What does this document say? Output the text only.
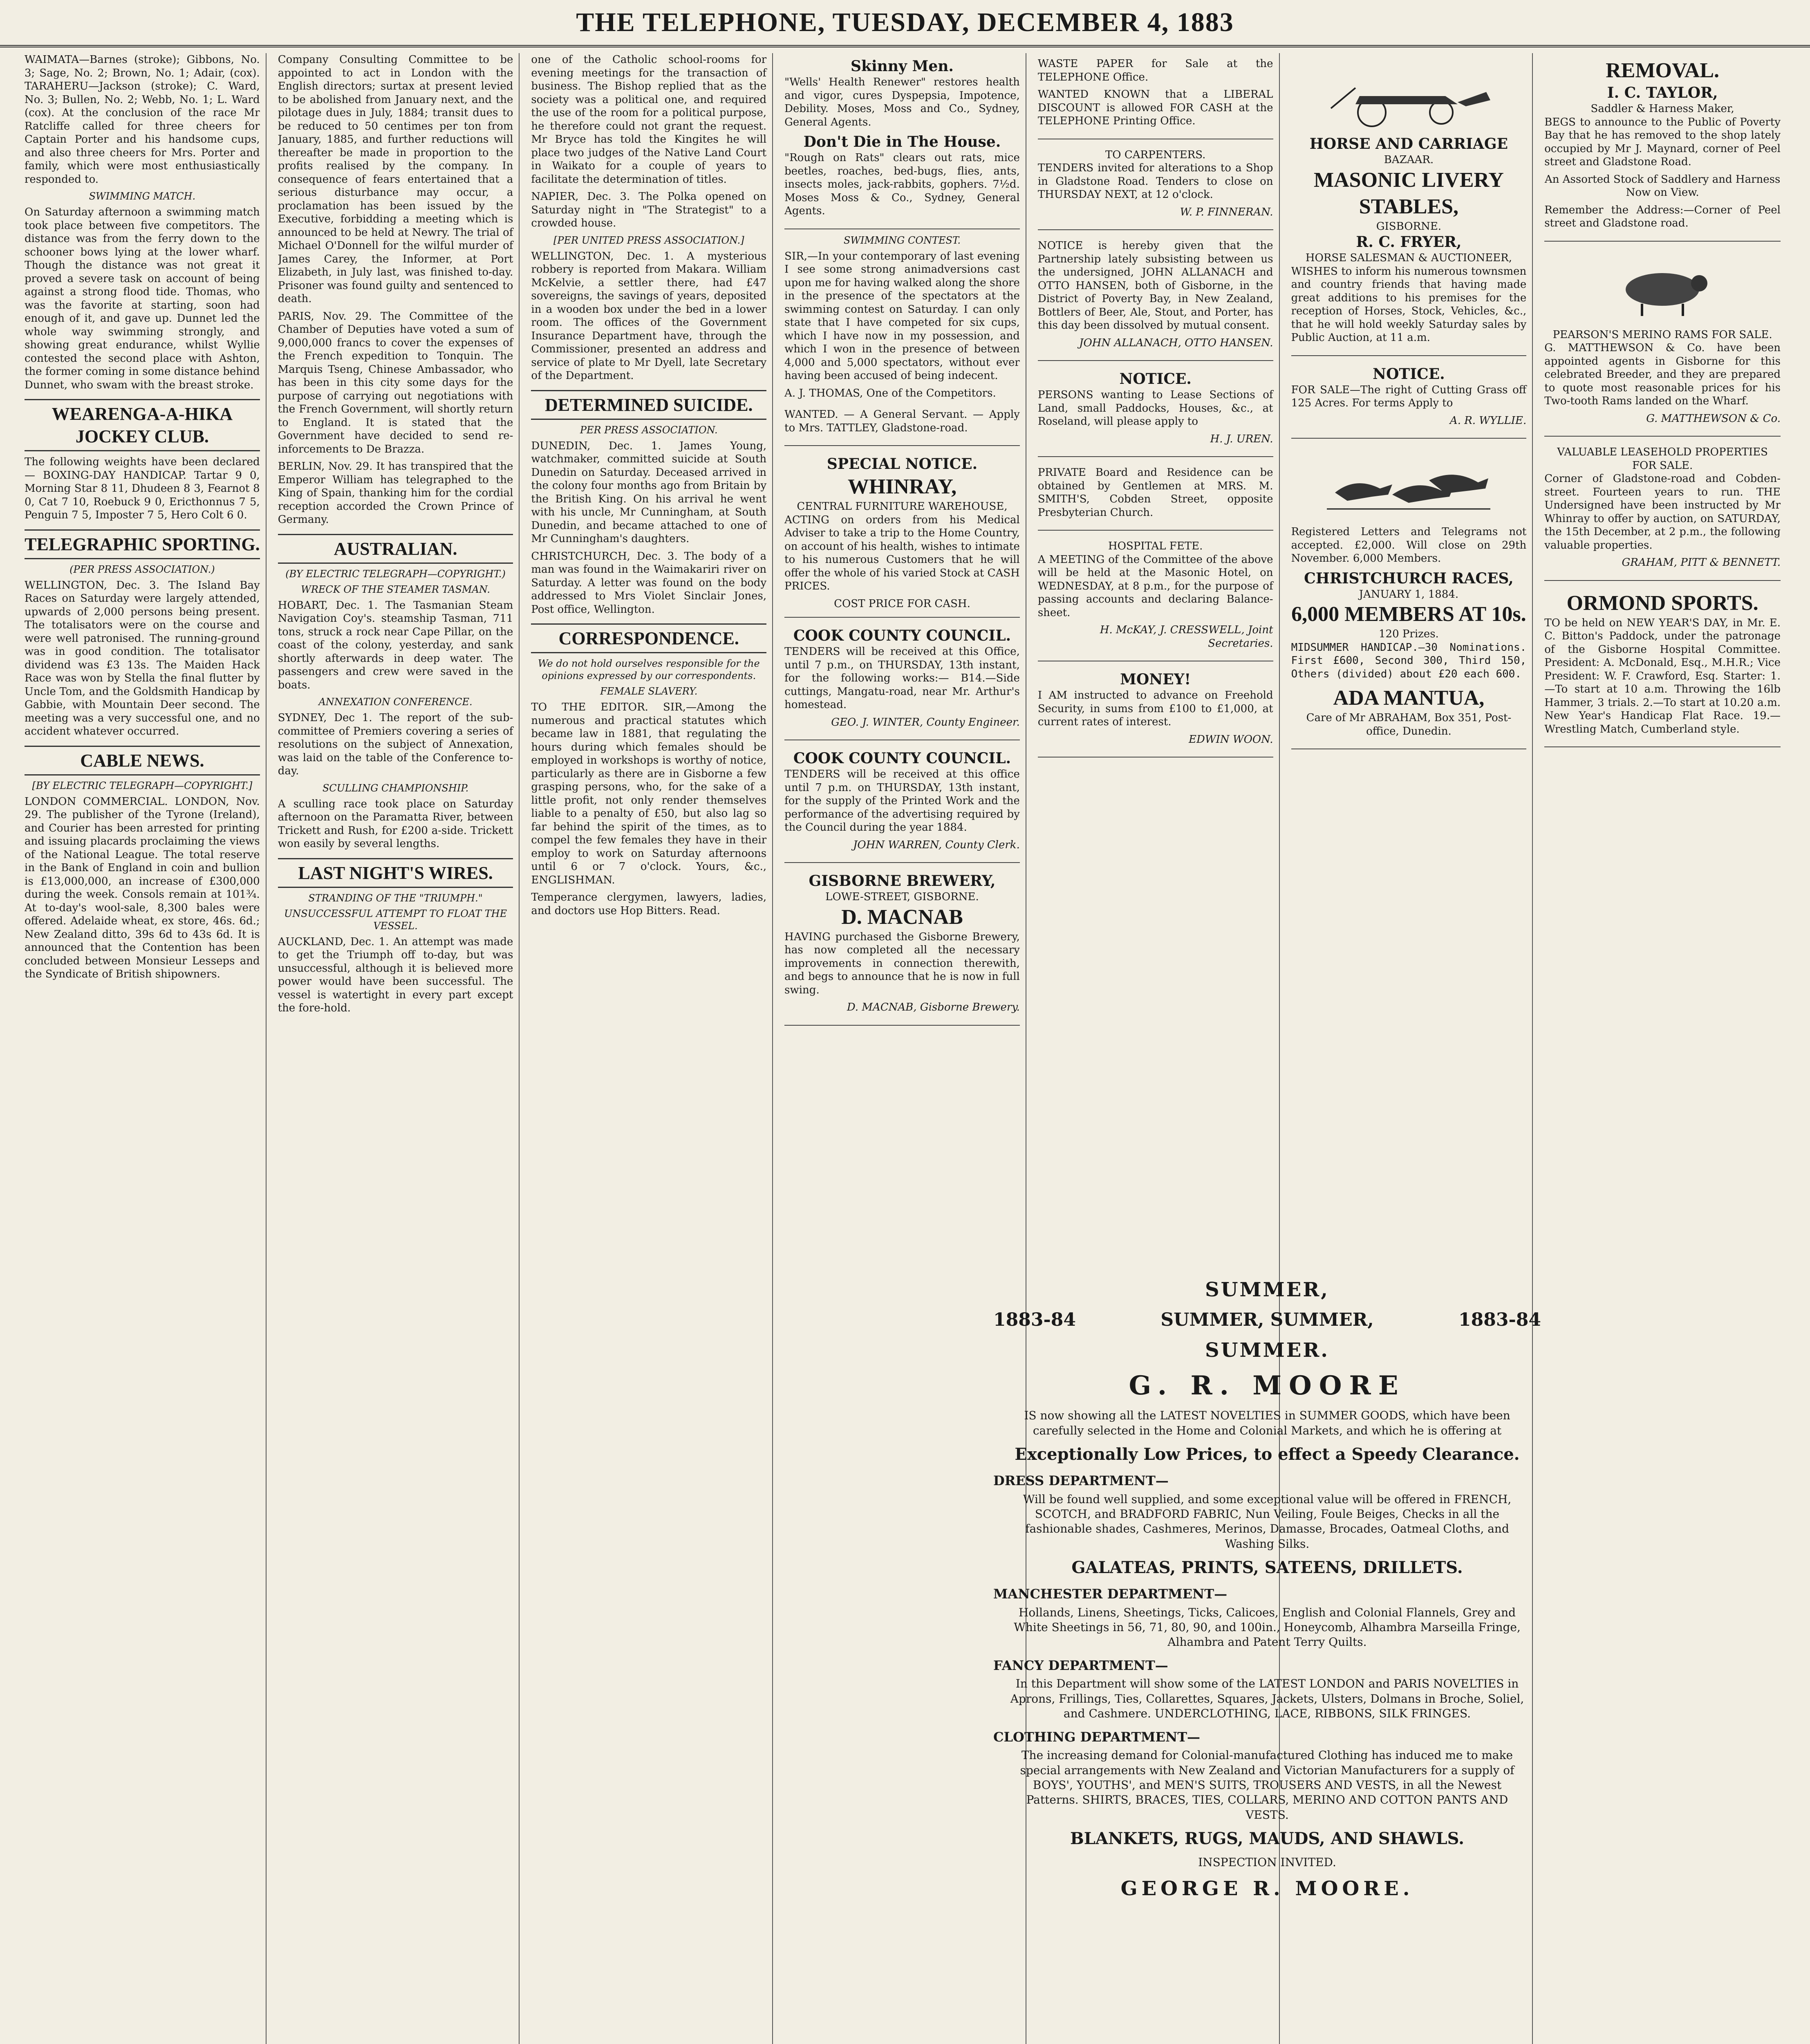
THE TELEPHONE, TUESDAY, DECEMBER 4, 1883

WAIMATA—Barnes (stroke); Gibbons, No. 3; Sage, No. 2; Brown, No. 1; Adair, (cox). TARAHERU—Jackson (stroke); C. Ward, No. 3; Bullen, No. 2; Webb, No. 1; L. Ward (cox). At the conclusion of the race Mr Ratcliffe called for three cheers for Captain Porter and his handsome cups, and also three cheers for Mrs. Porter and family, which were most enthusiastically responded to.

SWIMMING MATCH.

On Saturday afternoon a swimming match took place between five competitors. The distance was from the ferry down to the schooner bows lying at the lower wharf. Though the distance was not great it proved a severe task on account of being against a strong flood tide. Thomas, who was the favorite at starting, soon had enough of it, and gave up. Dunnet led the whole way swimming strongly, and showing great endurance, whilst Wyllie contested the second place with Ashton, the former coming in some distance behind Dunnet, who swam with the breast stroke.

WEARENGA-A-HIKA JOCKEY CLUB.

The following weights have been declared— BOXING-DAY HANDICAP. Tartar 9 0, Morning Star 8 11, Dhudeen 8 3, Fearnot 8 0, Cat 7 10, Roebuck 9 0, Ericthonnus 7 5, Penguin 7 5, Imposter 7 5, Hero Colt 6 0.

TELEGRAPHIC SPORTING.
(PER PRESS ASSOCIATION.)

WELLINGTON, Dec. 3. The Island Bay Races on Saturday were largely attended, upwards of 2,000 persons being present. The totalisators were on the course and were well patronised. The running-ground was in good condition. The totalisator dividend was £3 13s. The Maiden Hack Race was won by Stella the final flutter by Uncle Tom, and the Goldsmith Handicap by Gabbie, with Mountain Deer second. The meeting was a very successful one, and no accident whatever occurred.

CABLE NEWS.
[BY ELECTRIC TELEGRAPH—COPYRIGHT.]

LONDON COMMERCIAL. LONDON, Nov. 29. The publisher of the Tyrone (Ireland), and Courier has been arrested for printing and issuing placards proclaiming the views of the National League. The total reserve in the Bank of England in coin and bullion is £13,000,000, an increase of £300,000 during the week. Consols remain at 101¾. At to-day's wool-sale, 8,300 bales were offered. Adelaide wheat, ex store, 46s. 6d.; New Zealand ditto, 39s 6d to 43s 6d. It is announced that the Contention has been concluded between Monsieur Lesseps and the Syndicate of British shipowners.

Company Consulting Committee to be appointed to act in London with the English directors; surtax at present levied to be abolished from January next, and the pilotage dues in July, 1884; transit dues to be reduced to 50 centimes per ton from January, 1885, and further reductions will thereafter be made in proportion to the profits realised by the company. In consequence of fears entertained that a serious disturbance may occur, a proclamation has been issued by the Executive, forbidding a meeting which is announced to be held at Newry. The trial of Michael O'Donnell for the wilful murder of James Carey, the Informer, at Port Elizabeth, in July last, was finished to-day. Prisoner was found guilty and sentenced to death.

PARIS, Nov. 29. The Committee of the Chamber of Deputies have voted a sum of 9,000,000 francs to cover the expenses of the French expedition to Tonquin. The Marquis Tseng, Chinese Ambassador, who has been in this city some days for the purpose of carrying out negotiations with the French Government, will shortly return to England. It is stated that the Government have decided to send re-inforcements to De Brazza.

BERLIN, Nov. 29. It has transpired that the Emperor William has telegraphed to the King of Spain, thanking him for the cordial reception accorded the Crown Prince of Germany.

AUSTRALIAN.
(BY ELECTRIC TELEGRAPH—COPYRIGHT.)
WRECK OF THE STEAMER TASMAN.

HOBART, Dec. 1. The Tasmanian Steam Navigation Coy's. steamship Tasman, 711 tons, struck a rock near Cape Pillar, on the coast of the colony, yesterday, and sank shortly afterwards in deep water. The passengers and crew were saved in the boats.

ANNEXATION CONFERENCE.

SYDNEY, Dec 1. The report of the sub-committee of Premiers covering a series of resolutions on the subject of Annexation, was laid on the table of the Conference to-day.

SCULLING CHAMPIONSHIP.

A sculling race took place on Saturday afternoon on the Paramatta River, between Trickett and Rush, for £200 a-side. Trickett won easily by several lengths.

LAST NIGHT'S WIRES.
STRANDING OF THE "TRIUMPH."
UNSUCCESSFUL ATTEMPT TO FLOAT THE VESSEL.

AUCKLAND, Dec. 1. An attempt was made to get the Triumph off to-day, but was unsuccessful, although it is believed more power would have been successful. The vessel is watertight in every part except the fore-hold.

one of the Catholic school-rooms for evening meetings for the transaction of business. The Bishop replied that as the society was a political one, and required the use of the room for a political purpose, he therefore could not grant the request. Mr Bryce has told the Kingites he will place two judges of the Native Land Court in Waikato for a couple of years to facilitate the determination of titles.

NAPIER, Dec. 3. The Polka opened on Saturday night in "The Strategist" to a crowded house.

[PER UNITED PRESS ASSOCIATION.]

WELLINGTON, Dec. 1. A mysterious robbery is reported from Makara. William McKelvie, a settler there, had £47 sovereigns, the savings of years, deposited in a wooden box under the bed in a lower room. The offices of the Government Insurance Department have, through the Commissioner, presented an address and service of plate to Mr Dyell, late Secretary of the Department.

DETERMINED SUICIDE.
PER PRESS ASSOCIATION.

DUNEDIN, Dec. 1. James Young, watchmaker, committed suicide at South Dunedin on Saturday. Deceased arrived in the colony four months ago from Britain by the British King. On his arrival he went with his uncle, Mr Cunningham, at South Dunedin, and became attached to one of Mr Cunningham's daughters.

CHRISTCHURCH, Dec. 3. The body of a man was found in the Waimakariri river on Saturday. A letter was found on the body addressed to Mrs Violet Sinclair Jones, Post office, Wellington.

CORRESPONDENCE.
We do not hold ourselves responsible for the opinions expressed by our correspondents.
FEMALE SLAVERY.

TO THE EDITOR. SIR,—Among the numerous and practical statutes which became law in 1881, that regulating the hours during which females should be employed in workshops is worthy of notice, particularly as there are in Gisborne a few grasping persons, who, for the sake of a little profit, not only render themselves liable to a penalty of £50, but also lag so far behind the spirit of the times, as to compel the few females they have in their employ to work on Saturday afternoons until 6 or 7 o'clock. Yours, &c., ENGLISHMAN.

Temperance clergymen, lawyers, ladies, and doctors use Hop Bitters. Read.

Skinny Men.

"Wells' Health Renewer" restores health and vigor, cures Dyspepsia, Impotence, Debility. Moses, Moss and Co., Sydney, General Agents.

Don't Die in The House.

"Rough on Rats" clears out rats, mice beetles, roaches, bed-bugs, flies, ants, insects moles, jack-rabbits, gophers. 7½d. Moses Moss & Co., Sydney, General Agents.

SWIMMING CONTEST.

SIR,—In your contemporary of last evening I see some strong animadversions cast upon me for having walked along the shore in the presence of the spectators at the swimming contest on Saturday. I can only state that I have competed for six cups, which I have now in my possession, and which I won in the presence of between 4,000 and 5,000 spectators, without ever having been accused of being indecent.

A. J. THOMAS, One of the Competitors.

WANTED. — A General Servant. — Apply to Mrs. TATTLEY, Gladstone-road.

SPECIAL NOTICE.
WHINRAY,
CENTRAL FURNITURE WAREHOUSE,

ACTING on orders from his Medical Adviser to take a trip to the Home Country, on account of his health, wishes to intimate to his numerous Customers that he will offer the whole of his varied Stock at CASH PRICES.

COST PRICE FOR CASH.
COOK COUNTY COUNCIL.

TENDERS will be received at this Office, until 7 p.m., on THURSDAY, 13th instant, for the following works:— B14.—Side cuttings, Mangatu-road, near Mr. Arthur's homestead.

GEO. J. WINTER, County Engineer.

COOK COUNTY COUNCIL.

TENDERS will be received at this office until 7 p.m. on THURSDAY, 13th instant, for the supply of the Printed Work and the performance of the advertising required by the Council during the year 1884.

JOHN WARREN, County Clerk.

GISBORNE BREWERY,
LOWE-STREET, GISBORNE.
D. MACNAB

HAVING purchased the Gisborne Brewery, has now completed all the necessary improvements in connection therewith, and begs to announce that he is now in full swing.

D. MACNAB, Gisborne Brewery.

WASTE PAPER for Sale at the TELEPHONE Office.

WANTED KNOWN that a LIBERAL DISCOUNT is allowed FOR CASH at the TELEPHONE Printing Office.

TO CARPENTERS.

TENDERS invited for alterations to a Shop in Gladstone Road. Tenders to close on THURSDAY NEXT, at 12 o'clock.

W. P. FINNERAN.

NOTICE is hereby given that the Partnership lately subsisting between us the undersigned, JOHN ALLANACH and OTTO HANSEN, both of Gisborne, in the District of Poverty Bay, in New Zealand, Bottlers of Beer, Ale, Stout, and Porter, has this day been dissolved by mutual consent.

JOHN ALLANACH, OTTO HANSEN.

NOTICE.

PERSONS wanting to Lease Sections of Land, small Paddocks, Houses, &c., at Roseland, will please apply to

H. J. UREN.

PRIVATE Board and Residence can be obtained by Gentlemen at MRS. M. SMITH'S, Cobden Street, opposite Presbyterian Church.

HOSPITAL FETE.

A MEETING of the Committee of the above will be held at the Masonic Hotel, on WEDNESDAY, at 8 p.m., for the purpose of passing accounts and declaring Balance-sheet.

H. McKAY, J. CRESSWELL, Joint Secretaries.

MONEY!

I AM instructed to advance on Freehold Security, in sums from £100 to £1,000, at current rates of interest.

EDWIN WOON.

HORSE AND CARRIAGE
BAZAAR.
MASONIC LIVERY STABLES,
GISBORNE.
R. C. FRYER,
HORSE SALESMAN & AUCTIONEER,

WISHES to inform his numerous townsmen and country friends that having made great additions to his premises for the reception of Horses, Stock, Vehicles, &c., that he will hold weekly Saturday sales by Public Auction, at 11 a.m.

NOTICE.

FOR SALE—The right of Cutting Grass off 125 Acres. For terms Apply to

A. R. WYLLIE.

Registered Letters and Telegrams not accepted. £2,000. Will close on 29th November. 6,000 Members.

CHRISTCHURCH RACES,
JANUARY 1, 1884.
6,000 MEMBERS AT 10s.
120 Prizes.

MIDSUMMER HANDICAP.—30 Nominations. First £600, Second 300, Third 150, Others (divided) about £20 each 600.

ADA MANTUA,

Care of Mr ABRAHAM, Box 351, Post-office, Dunedin.

REMOVAL.
I. C. TAYLOR,
Saddler & Harness Maker,

BEGS to announce to the Public of Poverty Bay that he has removed to the shop lately occupied by Mr J. Maynard, corner of Peel street and Gladstone Road.

An Assorted Stock of Saddlery and Harness Now on View.

Remember the Address:—Corner of Peel street and Gladstone road.

PEARSON'S MERINO RAMS FOR SALE.

G. MATTHEWSON & Co. have been appointed agents in Gisborne for this celebrated Breeder, and they are prepared to quote most reasonable prices for his Two-tooth Rams landed on the Wharf.

G. MATTHEWSON & Co.

VALUABLE LEASEHOLD PROPERTIES FOR SALE.

Corner of Gladstone-road and Cobden-street. Fourteen years to run. THE Undersigned have been instructed by Mr Whinray to offer by auction, on SATURDAY, the 15th December, at 2 p.m., the following valuable properties.

GRAHAM, PITT & BENNETT.

ORMOND SPORTS.

TO be held on NEW YEAR'S DAY, in Mr. E. C. Bitton's Paddock, under the patronage of the Gisborne Hospital Committee. President: A. McDonald, Esq., M.H.R.; Vice President: W. F. Crawford, Esq. Starter: 1.—To start at 10 a.m. Throwing the 16lb Hammer, 3 trials. 2.—To start at 10.20 a.m. New Year's Handicap Flat Race. 19.—Wrestling Match, Cumberland style.

SUMMER,
1883-84	SUMMER, SUMMER,	1883-84
SUMMER.
G. R. MOORE

IS now showing all the LATEST NOVELTIES in SUMMER GOODS, which have been carefully selected in the Home and Colonial Markets, and which he is offering at

Exceptionally Low Prices, to effect a Speedy Clearance.
DRESS DEPARTMENT—

Will be found well supplied, and some exceptional value will be offered in FRENCH, SCOTCH, and BRADFORD FABRIC, Nun Veiling, Foule Beiges, Checks in all the fashionable shades, Cashmeres, Merinos, Damasse, Brocades, Oatmeal Cloths, and Washing Silks.

GALATEAS, PRINTS, SATEENS, DRILLETS.
MANCHESTER DEPARTMENT—

Hollands, Linens, Sheetings, Ticks, Calicoes, English and Colonial Flannels, Grey and White Sheetings in 56, 71, 80, 90, and 100in., Honeycomb, Alhambra Marseilla Fringe, Alhambra and Patent Terry Quilts.

FANCY DEPARTMENT—

In this Department will show some of the LATEST LONDON and PARIS NOVELTIES in Aprons, Frillings, Ties, Collarettes, Squares, Jackets, Ulsters, Dolmans in Broche, Soliel, and Cashmere. UNDERCLOTHING, LACE, RIBBONS, SILK FRINGES.

CLOTHING DEPARTMENT—

The increasing demand for Colonial-manufactured Clothing has induced me to make special arrangements with New Zealand and Victorian Manufacturers for a supply of BOYS', YOUTHS', and MEN'S SUITS, TROUSERS AND VESTS, in all the Newest Patterns. SHIRTS, BRACES, TIES, COLLARS, MERINO AND COTTON PANTS AND VESTS.

BLANKETS, RUGS, MAUDS, AND SHAWLS.
INSPECTION INVITED.
GEORGE R. MOORE.
